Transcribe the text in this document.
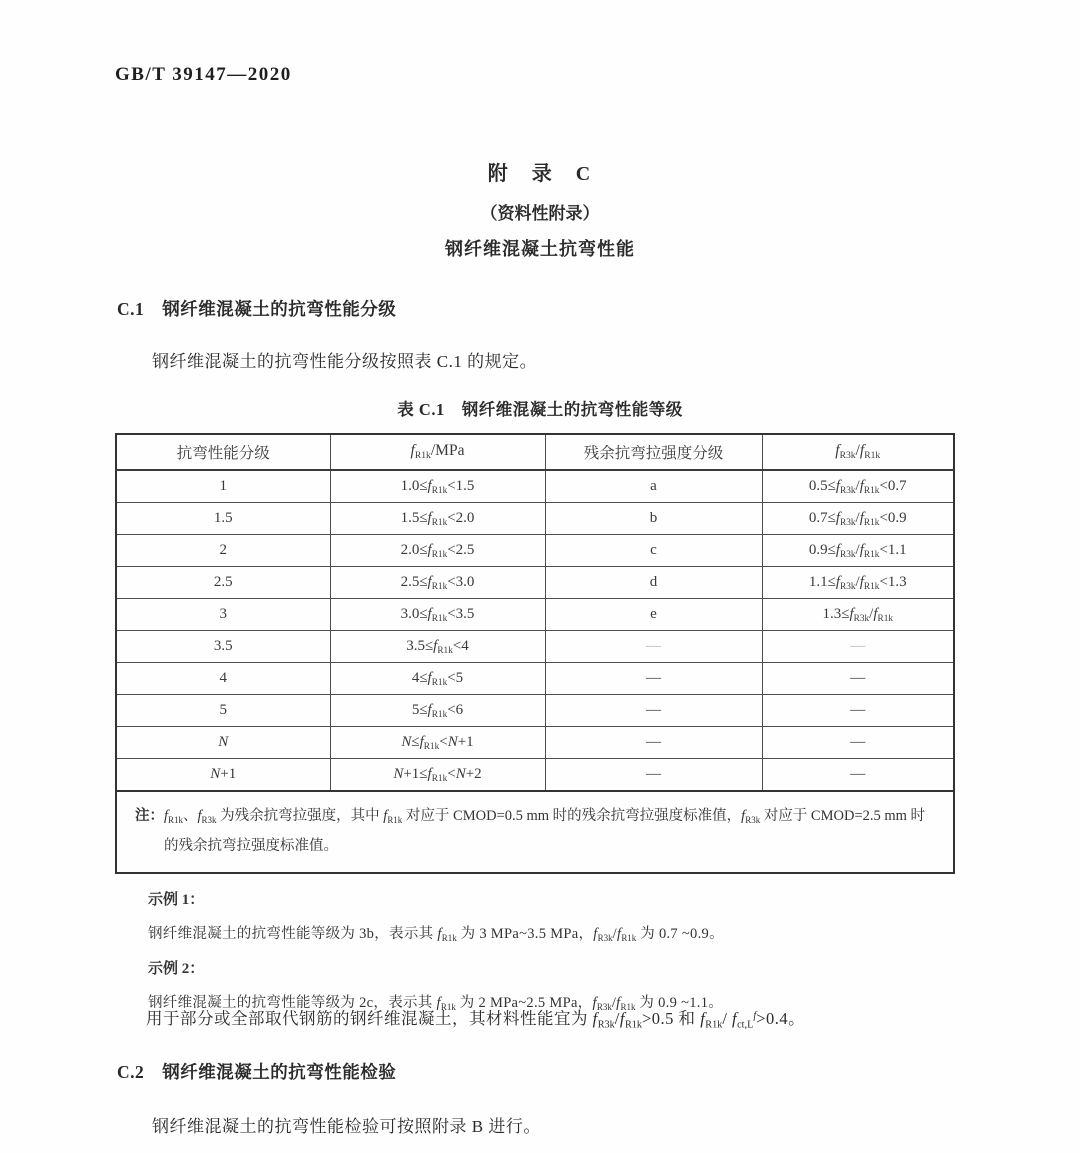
GB/T 39147—2020
附　录　C
（资料性附录）
钢纤维混凝土抗弯性能
C.1　钢纤维混凝土的抗弯性能分级
钢纤维混凝土的抗弯性能分级按照表 C.1 的规定。
表 C.1　钢纤维混凝土的抗弯性能等级
抗弯性能分级	$f_{R1k}$/MPa	残余抗弯拉强度分级	$f_{R3k}/f_{R1k}$
1	$1.0\le f_{R1k}<1.5$	a	$0.5\le f_{R3k}/f_{R1k}<0.7$
1.5	$1.5\le f_{R1k}<2.0$	b	$0.7\le f_{R3k}/f_{R1k}<0.9$
2	$2.0\le f_{R1k}<2.5$	c	$0.9\le f_{R3k}/f_{R1k}<1.1$
2.5	$2.5\le f_{R1k}<3.0$	d	$1.1\le f_{R3k}/f_{R1k}<1.3$
3	$3.0\le f_{R1k}<3.5$	e	$1.3\le f_{R3k}/f_{R1k}$
3.5	$3.5\le f_{R1k}<4$	—	—
4	$4\le f_{R1k}<5$	—	—
5	$5\le f_{R1k}<6$	—	—
N	$N\le f_{R1k}<N+1$	—	—
N+1	$N+1\le f_{R1k}<N+2$	—	—

注： $f_{R1k}$、$f_{R3k}$ 为残余抗弯拉强度，其中 $f_{R1k}$ 对应于 CMOD=0.5 mm 时的残余抗弯拉强度标准值，$f_{R3k}$ 对应于 CMOD=2.5 mm 时的残余抗弯拉强度标准值。			
示例 1：
钢纤维混凝土的抗弯性能等级为 3b，表示其 $f_{R1k}$ 为 3 MPa~3.5 MPa，$f_{R3k}/f_{R1k}$ 为 0.7 ~0.9。
示例 2：
钢纤维混凝土的抗弯性能等级为 2c，表示其 $f_{R1k}$ 为 2 MPa~2.5 MPa，$f_{R3k}/f_{R1k}$ 为 0.9 ~1.1。
用于部分或全部取代钢筋的钢纤维混凝土，其材料性能宜为 $f_{R3k}/f_{R1k}>0.5$ 和 $f_{R1k}/$ $f_{ct,L}^f>0.4$。
C.2　钢纤维混凝土的抗弯性能检验
钢纤维混凝土的抗弯性能检验可按照附录 B 进行。
